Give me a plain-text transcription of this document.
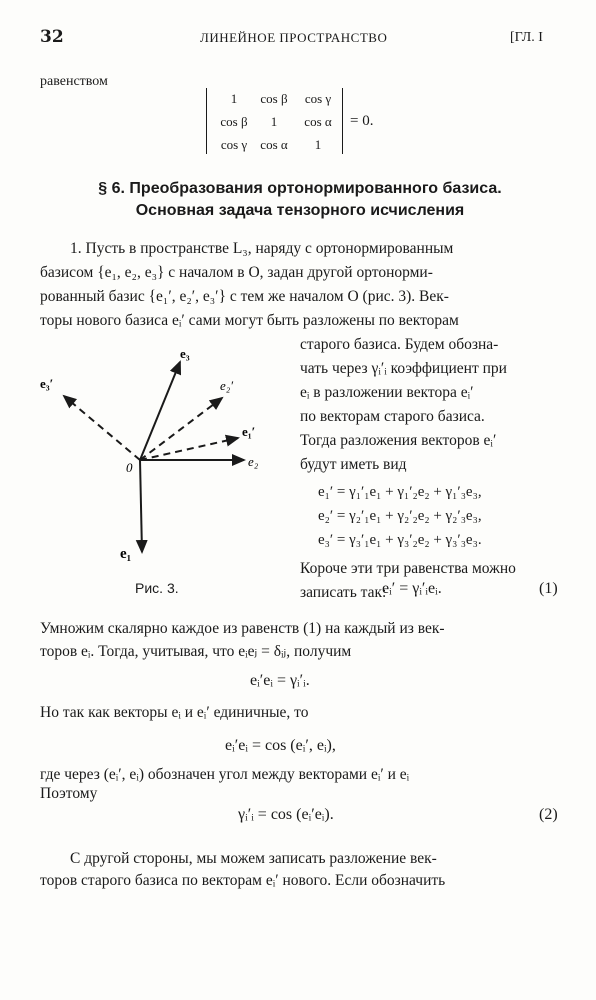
32	ЛИНЕЙНОЕ ПРОСТРАНСТВО	[ГЛ. I
равенством
1	cos β	cos γ
cos β	1	cos α
cos γ	cos α	1
= 0.
§ 6. Преобразования ортонормированного базиса.
Основная задача тензорного исчисления
1. Пусть в пространстве L₃, наряду с ортонормированным
базисом {e₁, e₂, e₃} с началом в O, задан другой ортонорми-
рованный базис {e₁′, e₂′, e₃′} с тем же началом O (рис. 3). Век-
торы нового базиса eᵢ′ сами могут быть разложены по векторам
старого базиса. Будем обозна-
чать через γᵢ′ᵢ коэффициент при
eᵢ в разложении вектора eᵢ′
по векторам старого базиса.
Тогда разложения векторов eᵢ′
будут иметь вид
e₁′ = γ₁′₁e₁ + γ₁′₂e₂ + γ₁′₃e₃,
e₂′ = γ₂′₁e₁ + γ₂′₂e₂ + γ₂′₃e₃,
e₃′ = γ₃′₁e₁ + γ₃′₂e₂ + γ₃′₃e₃.
Короче эти три равенства можно
записать так:
e₃
e₃′	e₂′
e₁′
e₂
0
e₁
Рис. 3.	eᵢ′ = γᵢ′ᵢeᵢ.	(1)
Умножим скалярно каждое из равенств (1) на каждый из век-
торов eᵢ. Тогда, учитывая, что eᵢeⱼ = δᵢⱼ, получим
eᵢ′eᵢ = γᵢ′ᵢ.
Но так как векторы eᵢ и eᵢ′ единичные, то
eᵢ′eᵢ = cos (eᵢ′, eᵢ),
где через (eᵢ′, eᵢ) обозначен угол между векторами eᵢ′ и eᵢ
Поэтому
γᵢ′ᵢ = cos (eᵢ′eᵢ).	(2)
С другой стороны, мы можем записать разложение век-
торов старого базиса по векторам eᵢ′ нового. Если обозначить
